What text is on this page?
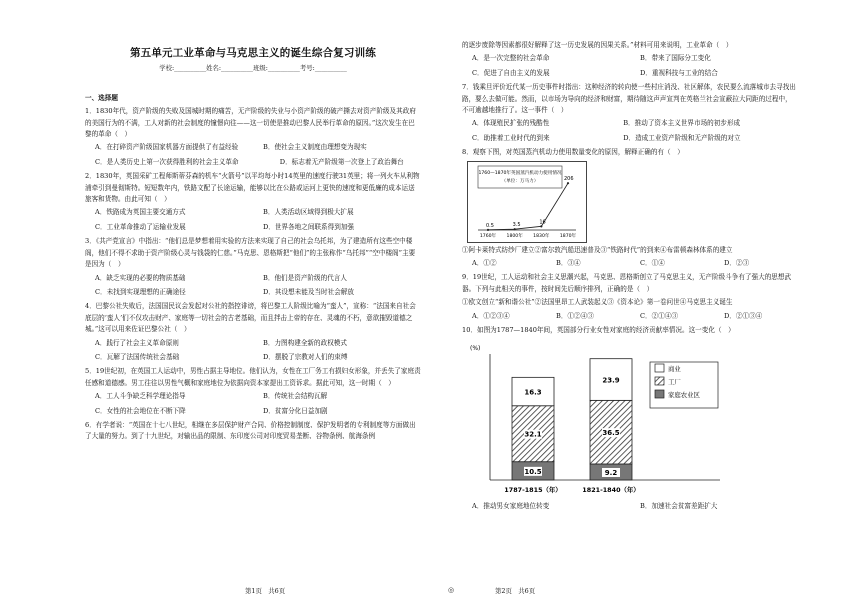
第五单元工业革命与马克思主义的诞生综合复习训练
学校:__________姓名:__________班级:__________考号:__________
一、选择题

1．1830年代，资产阶级的失败及国城时期的痛苦，无产阶级的失业与小资产阶级的破产撕去对资产阶级及其政府的美国行为的不满，工人对新的社会制度的憧憬向往——这一切使是推动巴黎人民举行革命的原因。”这次发生在巴黎的革命（　）

A．在打碎资产阶级国家机器方面提供了有益经验	B．使社会主义制度由理想变为现实
C．是人类历史上第一次获得胜利的社会主义革命	D．标志着无产阶级第一次登上了政治舞台

2．1830年，英国采矿工程师斯蒂芬森的机车“火箭号”以平均每小时14英里的速度行驶31英里；将一列火车从利物浦牵引到曼彻斯特。短短数年内，铁路文配了长途运输，能够以比在公路或运河上更快的速度和更低廉的成本运送旅客和货物。由此可知（　）

A．铁路成为英国主要交通方式	B．人类活动区域得到极大扩展
C．工业革命推动了运输业发展	D．世界各地之间联系得到加强

3．《共产党宣言》中指出：“他们总是梦想着用实验的方法来实现了自己的社会乌托邦，为了建造所有这些空中楼阁，他们不得不求助于资产阶级心灵与钱袋的仁慈。”马克思、恩格斯把“他们”的主张称作“乌托邦”“空中楼阁”主要是因为（　）

A．缺乏实现的必要的物质基础	B．他们是资产阶级的代言人
C．未找到实现理想的正确途径	D．其设想未能及当时社会解放

4．巴黎公社失败后，法国国民议会发起对公社的指控诽谤，将巴黎工人阶级比喻为“蛮人”，宣称：“法国来自社会底层的‘蛮人’们不仅攻击财产、家庭等一切社会的古老基础，而且拌击上帝的存在、灵魂的不朽，意欲摧毁道德之城。”这可以用来佐证巴黎公社（　）

A．践行了社会主义革命原则	B．力图构建全新的政权模式
C．瓦解了法国传统社会基础	D．摆脱了宗教对人们的束缚

5．19世纪初，在英国工人运动中，男性占据主导地位。他们认为，女性在工厂务工有损妇女形象，并丢失了家庭责任感和道德感。男工往往以男性气概和家庭地位为依据向资本家提出工资诉求。据此可知，这一时期（　）

A．工人斗争缺乏科学理论指导	B．传统社会结构瓦解
C．女性的社会地位在不断下降	D．贫富分化日益加剧

6．有学者说：“英国在十七八世纪，相继在多层保护财产合同、价格控制制度、保护发明者的专利制度等方面做出了大量的努力。到了十九世纪，对输出品的限制、东印度公司对印度贸易垄断、谷物条例、航海条例

的逐步废除等因素都很好解释了这一历史发展的因果关系。”材料可用来说明，工业革命（　）

A．是一次完整的社会革命	B．带来了国际分工变化
C．促进了自由主义的发展	D．重视科技与工业的结合

7．钱乘旦评价近代某一历史事件时指出：这种经济的转向使一些村庄消没、社区解体，农民要么流落城市去寻找出路，要么去做可能。然而，以市场为导向的经济和财富，期待随这声声宣判在英格兰社会宣蔽拉大同距的过程中，不可逾越地推行了。这一事件（　）

A．体现殖民扩张的残酷性	B．推动了资本主义世界市场的初步形成
C．助推着工业时代的到来	D．造成工业资产阶级和无产阶级的对立

8．观察下图，对英国蒸汽机动力使用数量变化的原因，解释正确的有（　）

1760—1870年英国蒸汽机动力使用情况
（单位：万马力）
0.5
1760年
3.5
1800年
16
1830年
206
1870年

①阿卡莱特式纺纱厂建立②富尔敦汽船迅速普及③“铁路时代”的到来④布雷顿森林体系的建立

A．①②	B．③④	C．①④	D．②③

9．19世纪，工人运动和社会主义思潮兴起，马克思、恩格斯创立了马克思主义，无产阶级斗争有了强大的思想武器。下列与此相关的事件，按时间先后顺序排列，正确的是（　）

①欧文创立“新和谐公社”②法国里昂工人武装起义③《资本论》第一卷问世④马克思主义诞生

A．①②③④	B．①②④③	C．②①④③	D．②①③④

10．如图为1787—1840年间，英国部分行业女性对家庭的经济贡献率情况。这一变化（　）

(%)
10.5
32.1
16.3
1787-1815（年）
9.2
36.5
23.9
1821-1840（年）
商业
工厂
家庭农业区
A．推动男女家庭地位转变	B．加速社会贫富差距扩大
第1页　共6页	◎	第2页　共6页
